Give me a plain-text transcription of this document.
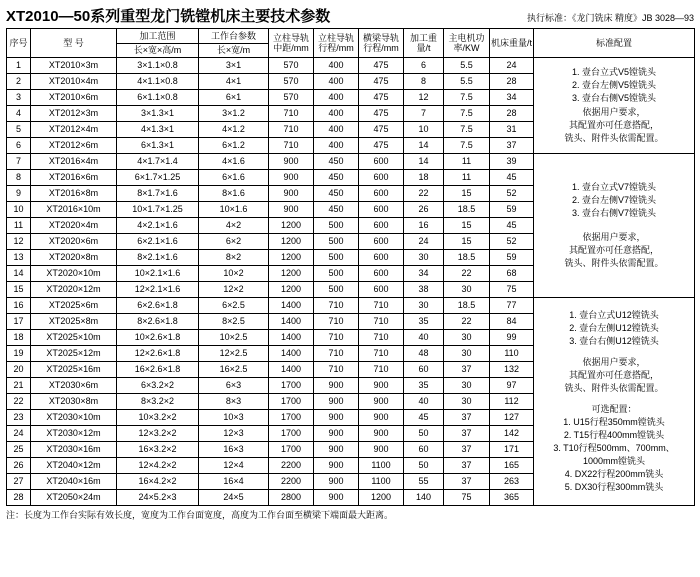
XT2010—50系列重型龙门铣镗机床主要技术参数	执行标准：《龙门铣床 精度》JB 3028—93
序号	型 号	加工范围	工作台参数	立柱导轨中距/mm	立柱导轨行程/mm	横梁导轨行程/mm	加工重量/t	主电机功率/KW	机床重量/t	标准配置
		长×宽×高/m	长×宽/m							
1	XT2010×3m	3×1.1×0.8	3×1	570	400	475	6	5.5	24	
1. 壹台立式V5镗铣头
2. 壹台左侧V5镗铣头
3. 壹台右侧V5镗铣头
依据用户要求，
其配置亦可任意搭配，
铣头、附件头依需配置。

2	XT2010×4m	4×1.1×0.8	4×1	570	400	475	8	5.5	28	
3	XT2010×6m	6×1.1×0.8	6×1	570	400	475	12	7.5	34	
4	XT2012×3m	3×1.3×1	3×1.2	710	400	475	7	7.5	28	
5	XT2012×4m	4×1.3×1	4×1.2	710	400	475	10	7.5	31	
6	XT2012×6m	6×1.3×1	6×1.2	710	400	475	14	7.5	37	
7	XT2016×4m	4×1.7×1.4	4×1.6	900	450	600	14	11	39	
1. 壹台立式V7镗铣头
2. 壹台左侧V7镗铣头
3. 壹台右侧V7镗铣头
依据用户要求，
其配置亦可任意搭配，
铣头、附件头依需配置。

8	XT2016×6m	6×1.7×1.25	6×1.6	900	450	600	18	11	45	
9	XT2016×8m	8×1.7×1.6	8×1.6	900	450	600	22	15	52	
10	XT2016×10m	10×1.7×1.25	10×1.6	900	450	600	26	18.5	59	
11	XT2020×4m	4×2.1×1.6	4×2	1200	500	600	16	15	45	
12	XT2020×6m	6×2.1×1.6	6×2	1200	500	600	24	15	52	
13	XT2020×8m	8×2.1×1.6	8×2	1200	500	600	30	18.5	59	
14	XT2020×10m	10×2.1×1.6	10×2	1200	500	600	34	22	68	
15	XT2020×12m	12×2.1×1.6	12×2	1200	500	600	38	30	75	
16	XT2025×6m	6×2.6×1.8	6×2.5	1400	710	710	30	18.5	77	
1. 壹台立式U12镗铣头
2. 壹台左侧U12镗铣头
3. 壹台右侧U12镗铣头
依据用户要求，
其配置亦可任意搭配，
铣头、附件头依需配置。
可选配置：
1. U15行程350mm镗铣头
2. T15行程400mm镗铣头
3. T10行程500mm、700mm、
1000mm镗铣头
4. DX22行程200mm铣头
5. DX30行程300mm铣头

17	XT2025×8m	8×2.6×1.8	8×2.5	1400	710	710	35	22	84	
18	XT2025×10m	10×2.6×1.8	10×2.5	1400	710	710	40	30	99	
19	XT2025×12m	12×2.6×1.8	12×2.5	1400	710	710	48	30	110	
20	XT2025×16m	16×2.6×1.8	16×2.5	1400	710	710	60	37	132	
21	XT2030×6m	6×3.2×2	6×3	1700	900	900	35	30	97	
22	XT2030×8m	8×3.2×2	8×3	1700	900	900	40	30	112	
23	XT2030×10m	10×3.2×2	10×3	1700	900	900	45	37	127	
24	XT2030×12m	12×3.2×2	12×3	1700	900	900	50	37	142	
25	XT2030×16m	16×3.2×2	16×3	1700	900	900	60	37	171	
26	XT2040×12m	12×4.2×2	12×4	2200	900	1100	50	37	165	
27	XT2040×16m	16×4.2×2	16×4	2200	900	1100	55	37	263	
28	XT2050×24m	24×5.2×3	24×5	2800	900	1200	140	75	365	
注：长度为工作台实际有效长度，宽度为工作台面宽度，高度为工作台面至横梁下端面最大距离。
